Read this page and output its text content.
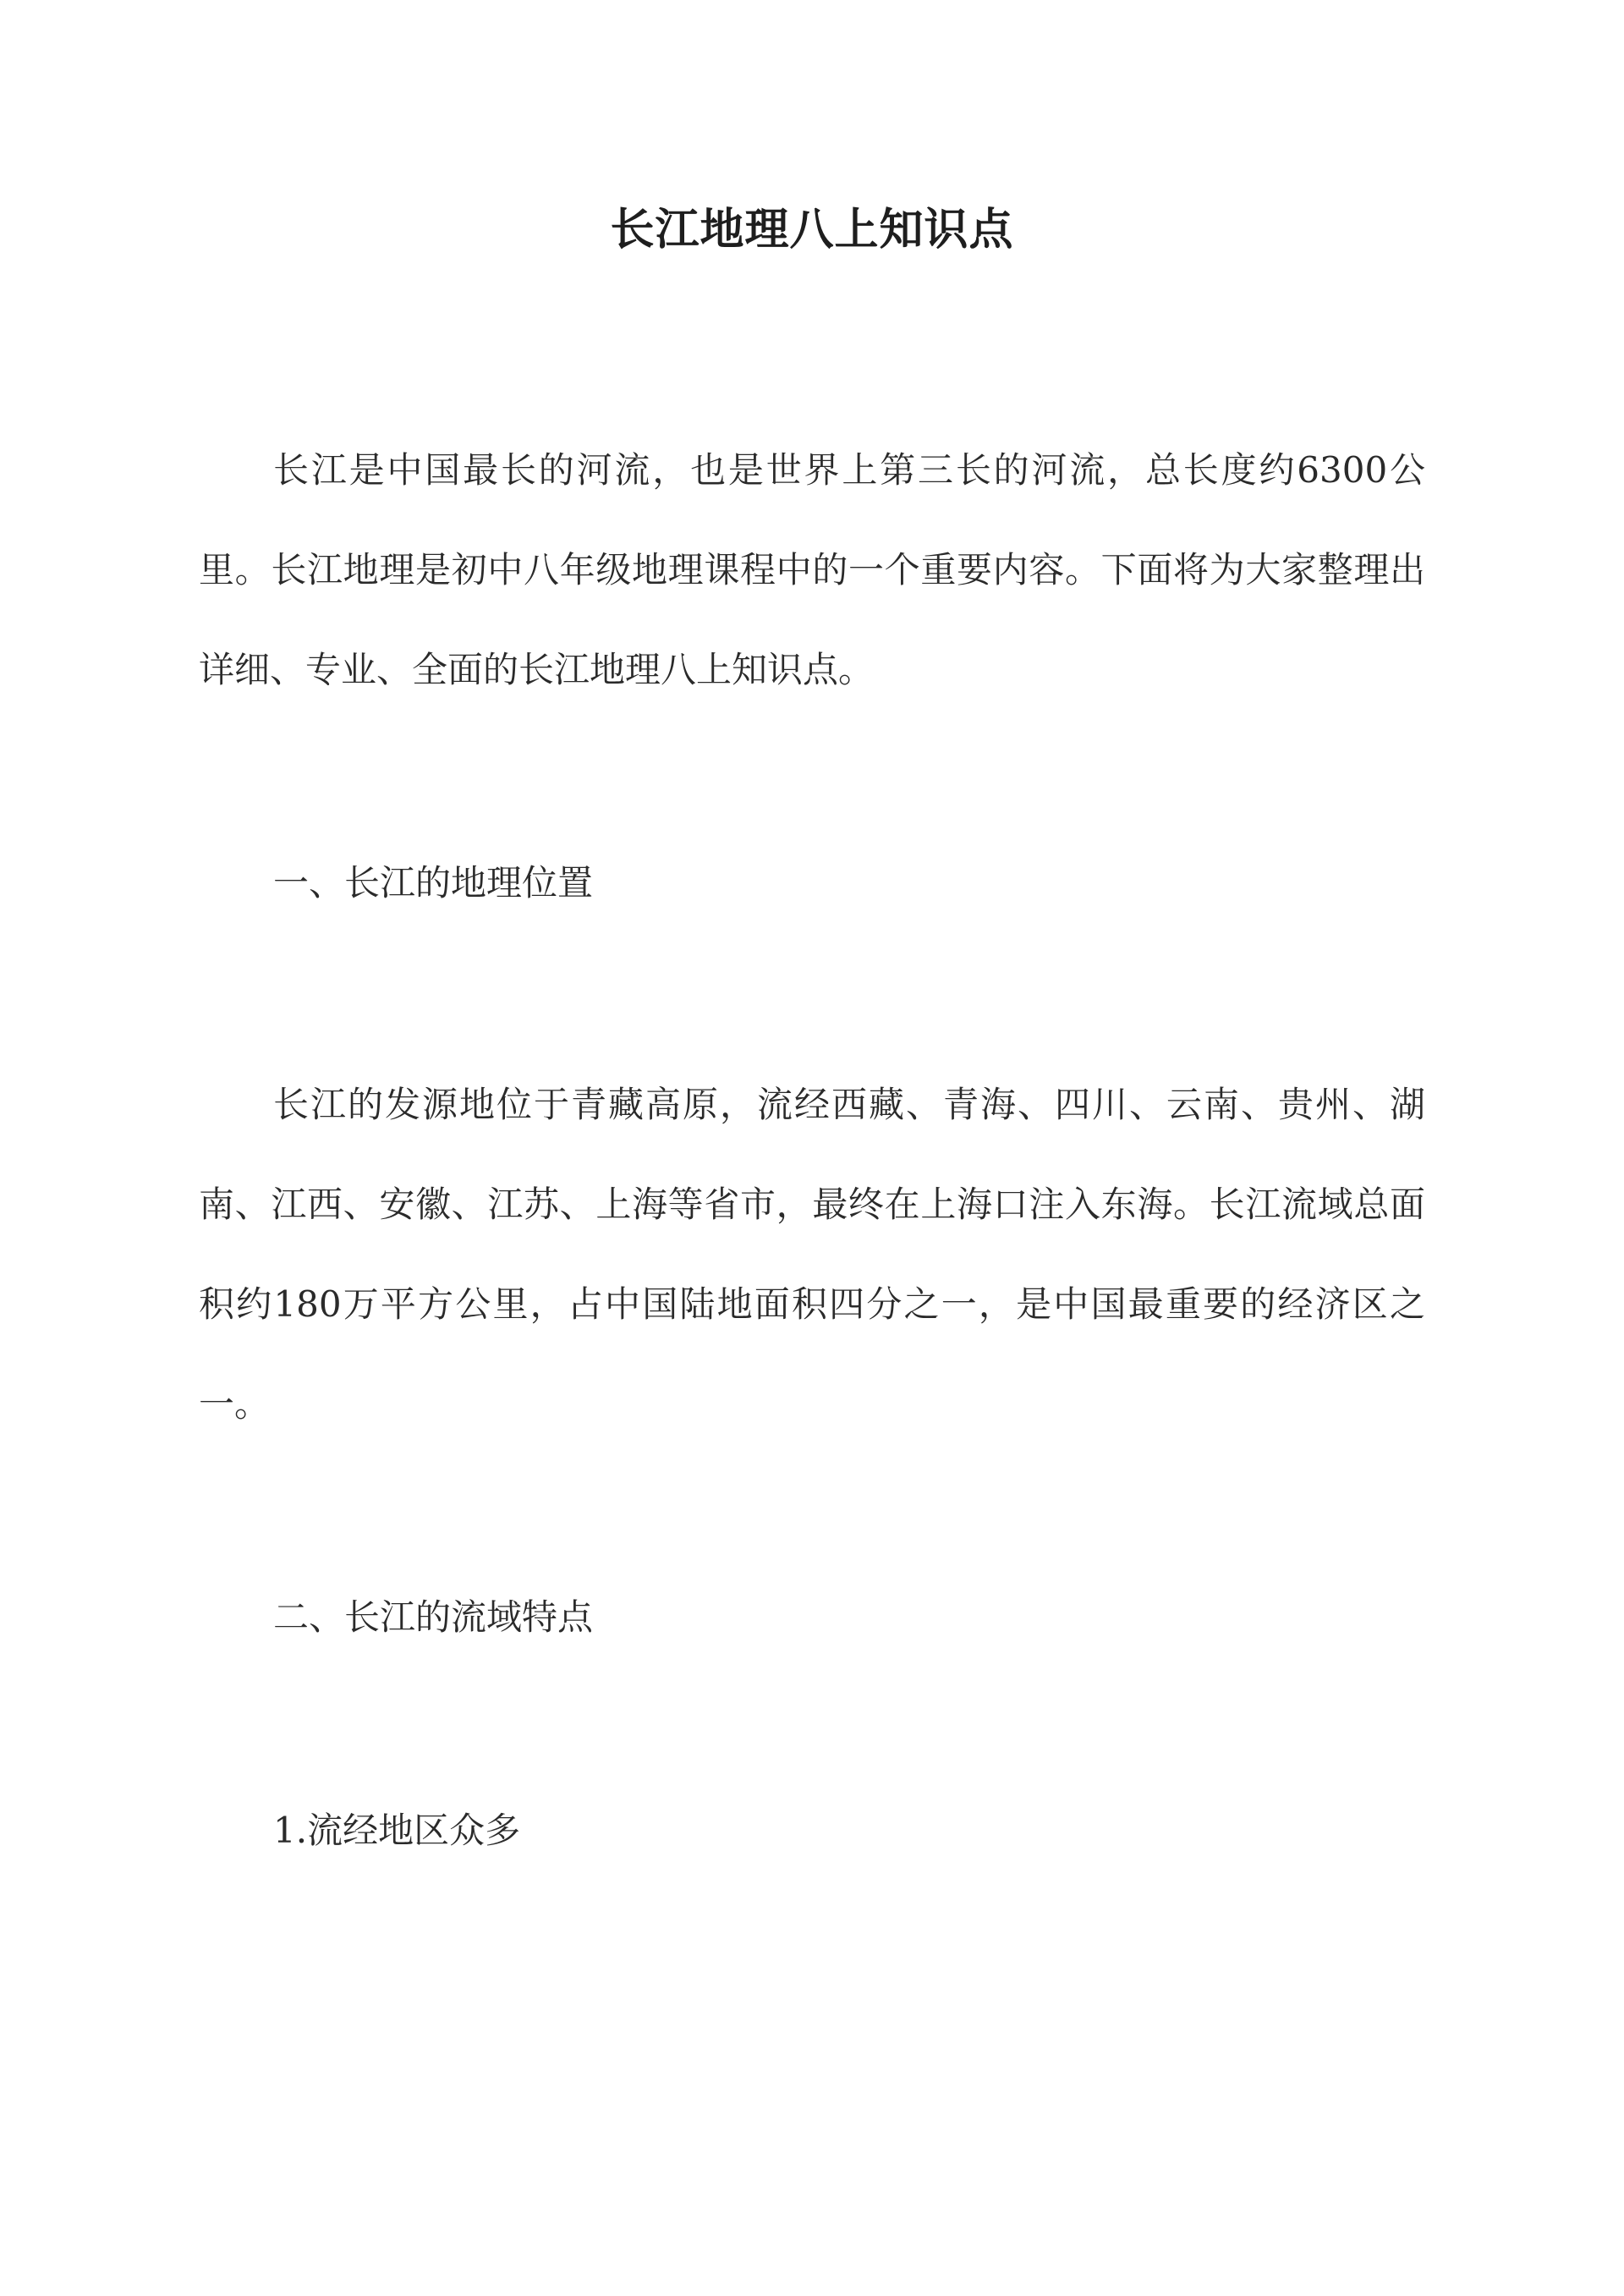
长江地理八上知识点
长江是中国最长的河流，也是世界上第三长的河流，总长度约6300公里。长江地理是初中八年级地理课程中的一个重要内容。下面将为大家整理出详细、专业、全面的长江地理八上知识点。
一、长江的地理位置
长江的发源地位于青藏高原，流经西藏、青海、四川、云南、贵州、湖南、江西、安徽、江苏、上海等省市，最终在上海口注入东海。长江流域总面积约180万平方公里，占中国陆地面积四分之一，是中国最重要的经济区之一。
二、长江的流域特点
1.流经地区众多
